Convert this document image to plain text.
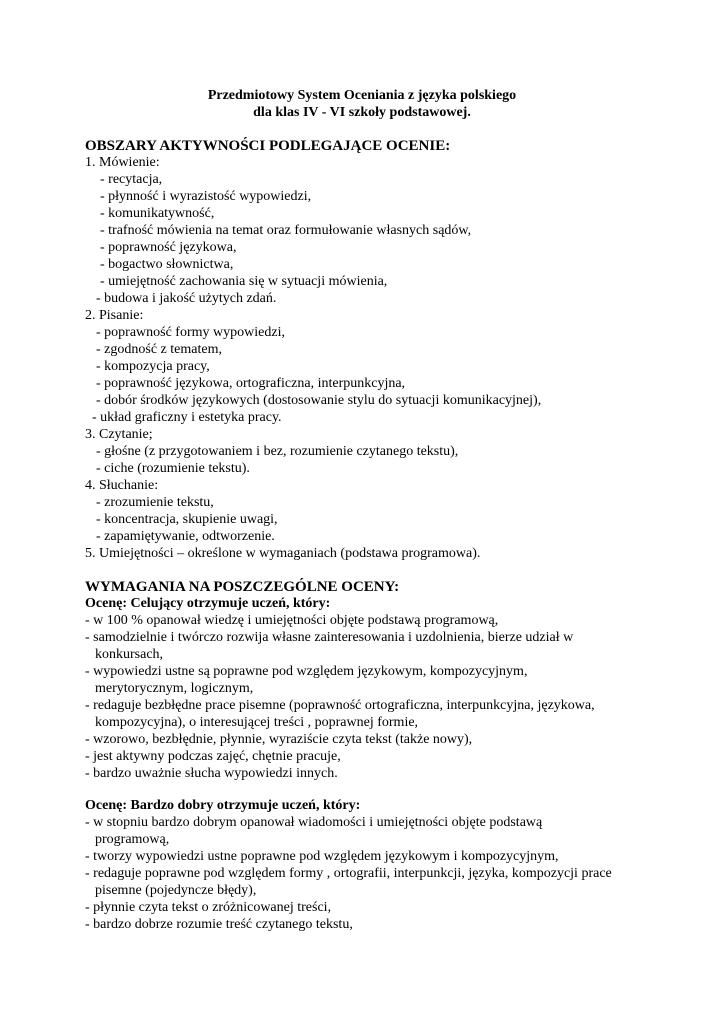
Przedmiotowy System Oceniania z języka polskiego
dla klas IV - VI szkoły podstawowej.
OBSZARY AKTYWNOŚCI PODLEGAJĄCE OCENIE:
1. Mówienie:
- recytacja,
- płynność i wyrazistość wypowiedzi,
- komunikatywność,
- trafność mówienia na temat oraz formułowanie własnych sądów,
- poprawność językowa,
- bogactwo słownictwa,
- umiejętność zachowania się w sytuacji mówienia,
- budowa i jakość użytych zdań.
2. Pisanie:
- poprawność formy wypowiedzi,
- zgodność z tematem,
- kompozycja pracy,
- poprawność językowa, ortograficzna, interpunkcyjna,
- dobór środków językowych (dostosowanie stylu do sytuacji komunikacyjnej),
- układ graficzny i estetyka pracy.
3. Czytanie;
- głośne (z przygotowaniem i bez, rozumienie czytanego tekstu),
- ciche (rozumienie tekstu).
4. Słuchanie:
- zrozumienie tekstu,
- koncentracja, skupienie uwagi,
- zapamiętywanie, odtworzenie.
5. Umiejętności – określone w wymaganiach (podstawa programowa).
WYMAGANIA NA POSZCZEGÓLNE OCENY:
Ocenę: Celujący otrzymuje uczeń, który:
- w 100 % opanował wiedzę i umiejętności objęte podstawą programową,
- samodzielnie i twórczo rozwija własne zainteresowania i uzdolnienia, bierze udział w
konkursach,
- wypowiedzi ustne są poprawne pod względem językowym, kompozycyjnym,
merytorycznym, logicznym,
- redaguje bezbłędne prace pisemne (poprawność ortograficzna, interpunkcyjna, językowa,
kompozycyjna), o interesującej treści , poprawnej formie,
- wzorowo, bezbłędnie, płynnie, wyraziście czyta tekst (także nowy),
- jest aktywny podczas zajęć, chętnie pracuje,
- bardzo uważnie słucha wypowiedzi innych.
Ocenę: Bardzo dobry otrzymuje uczeń, który:
- w stopniu bardzo dobrym opanował wiadomości i umiejętności objęte podstawą
programową,
- tworzy wypowiedzi ustne poprawne pod względem językowym i kompozycyjnym,
- redaguje poprawne pod względem formy , ortografii, interpunkcji, języka, kompozycji prace
pisemne (pojedyncze błędy),
- płynnie czyta tekst o zróżnicowanej treści,
- bardzo dobrze rozumie treść czytanego tekstu,
